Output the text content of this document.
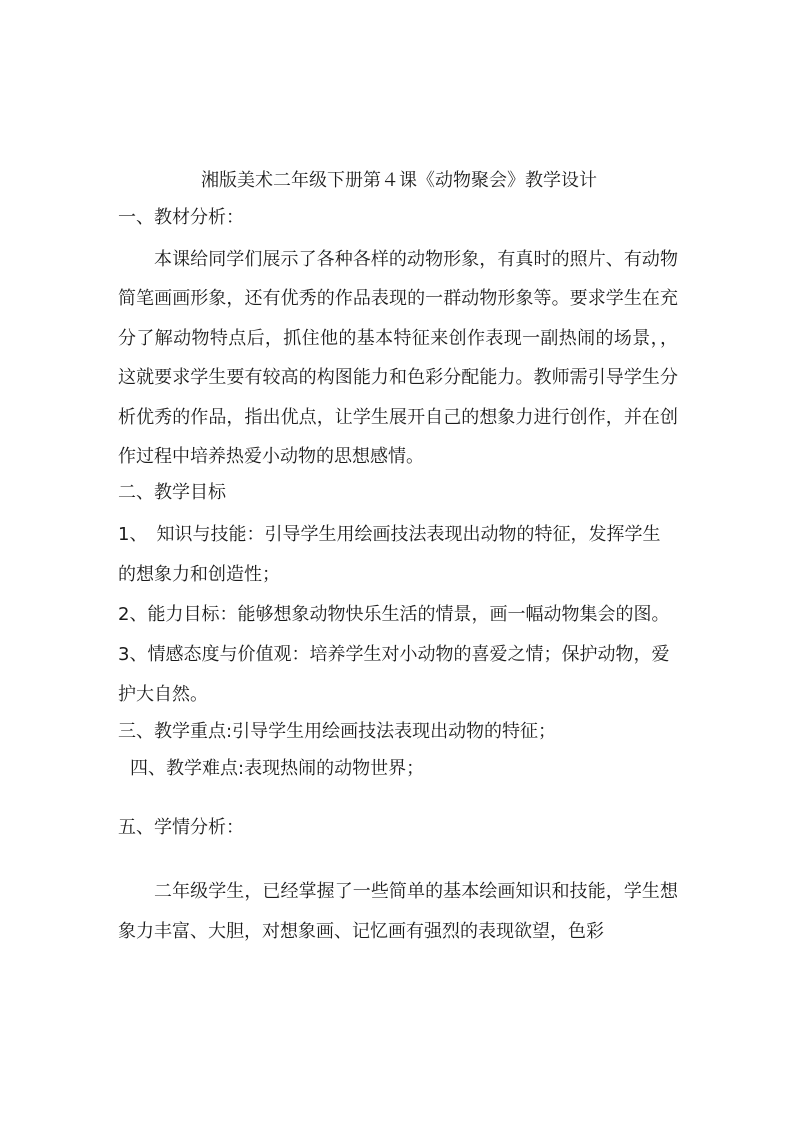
湘版美术二年级下册第４课《动物聚会》教学设计
一、教材分析：

本课给同学们展示了各种各样的动物形象，有真时的照片、有动物简笔画画形象，还有优秀的作品表现的一群动物形象等。要求学生在充分了解动物特点后，抓住他的基本特征来创作表现一副热闹的场景，，这就要求学生要有较高的构图能力和色彩分配能力。教师需引导学生分析优秀的作品，指出优点，让学生展开自己的想象力进行创作，并在创作过程中培养热爱小动物的思想感情。

二、教学目标

1、　知识与技能：引导学生用绘画技法表现出动物的特征，发挥学生的想象力和创造性；

2、能力目标：能够想象动物快乐生活的情景，画一幅动物集会的图。

3、情感态度与价值观：培养学生对小动物的喜爱之情；保护动物，爱护大自然。

三、教学重点:引导学生用绘画技法表现出动物的特征；
四、教学难点:表现热闹的动物世界；
五、学情分析：

二年级学生，已经掌握了一些简单的基本绘画知识和技能，学生想象力丰富、大胆，对想象画、记忆画有强烈的表现欲望，色彩
